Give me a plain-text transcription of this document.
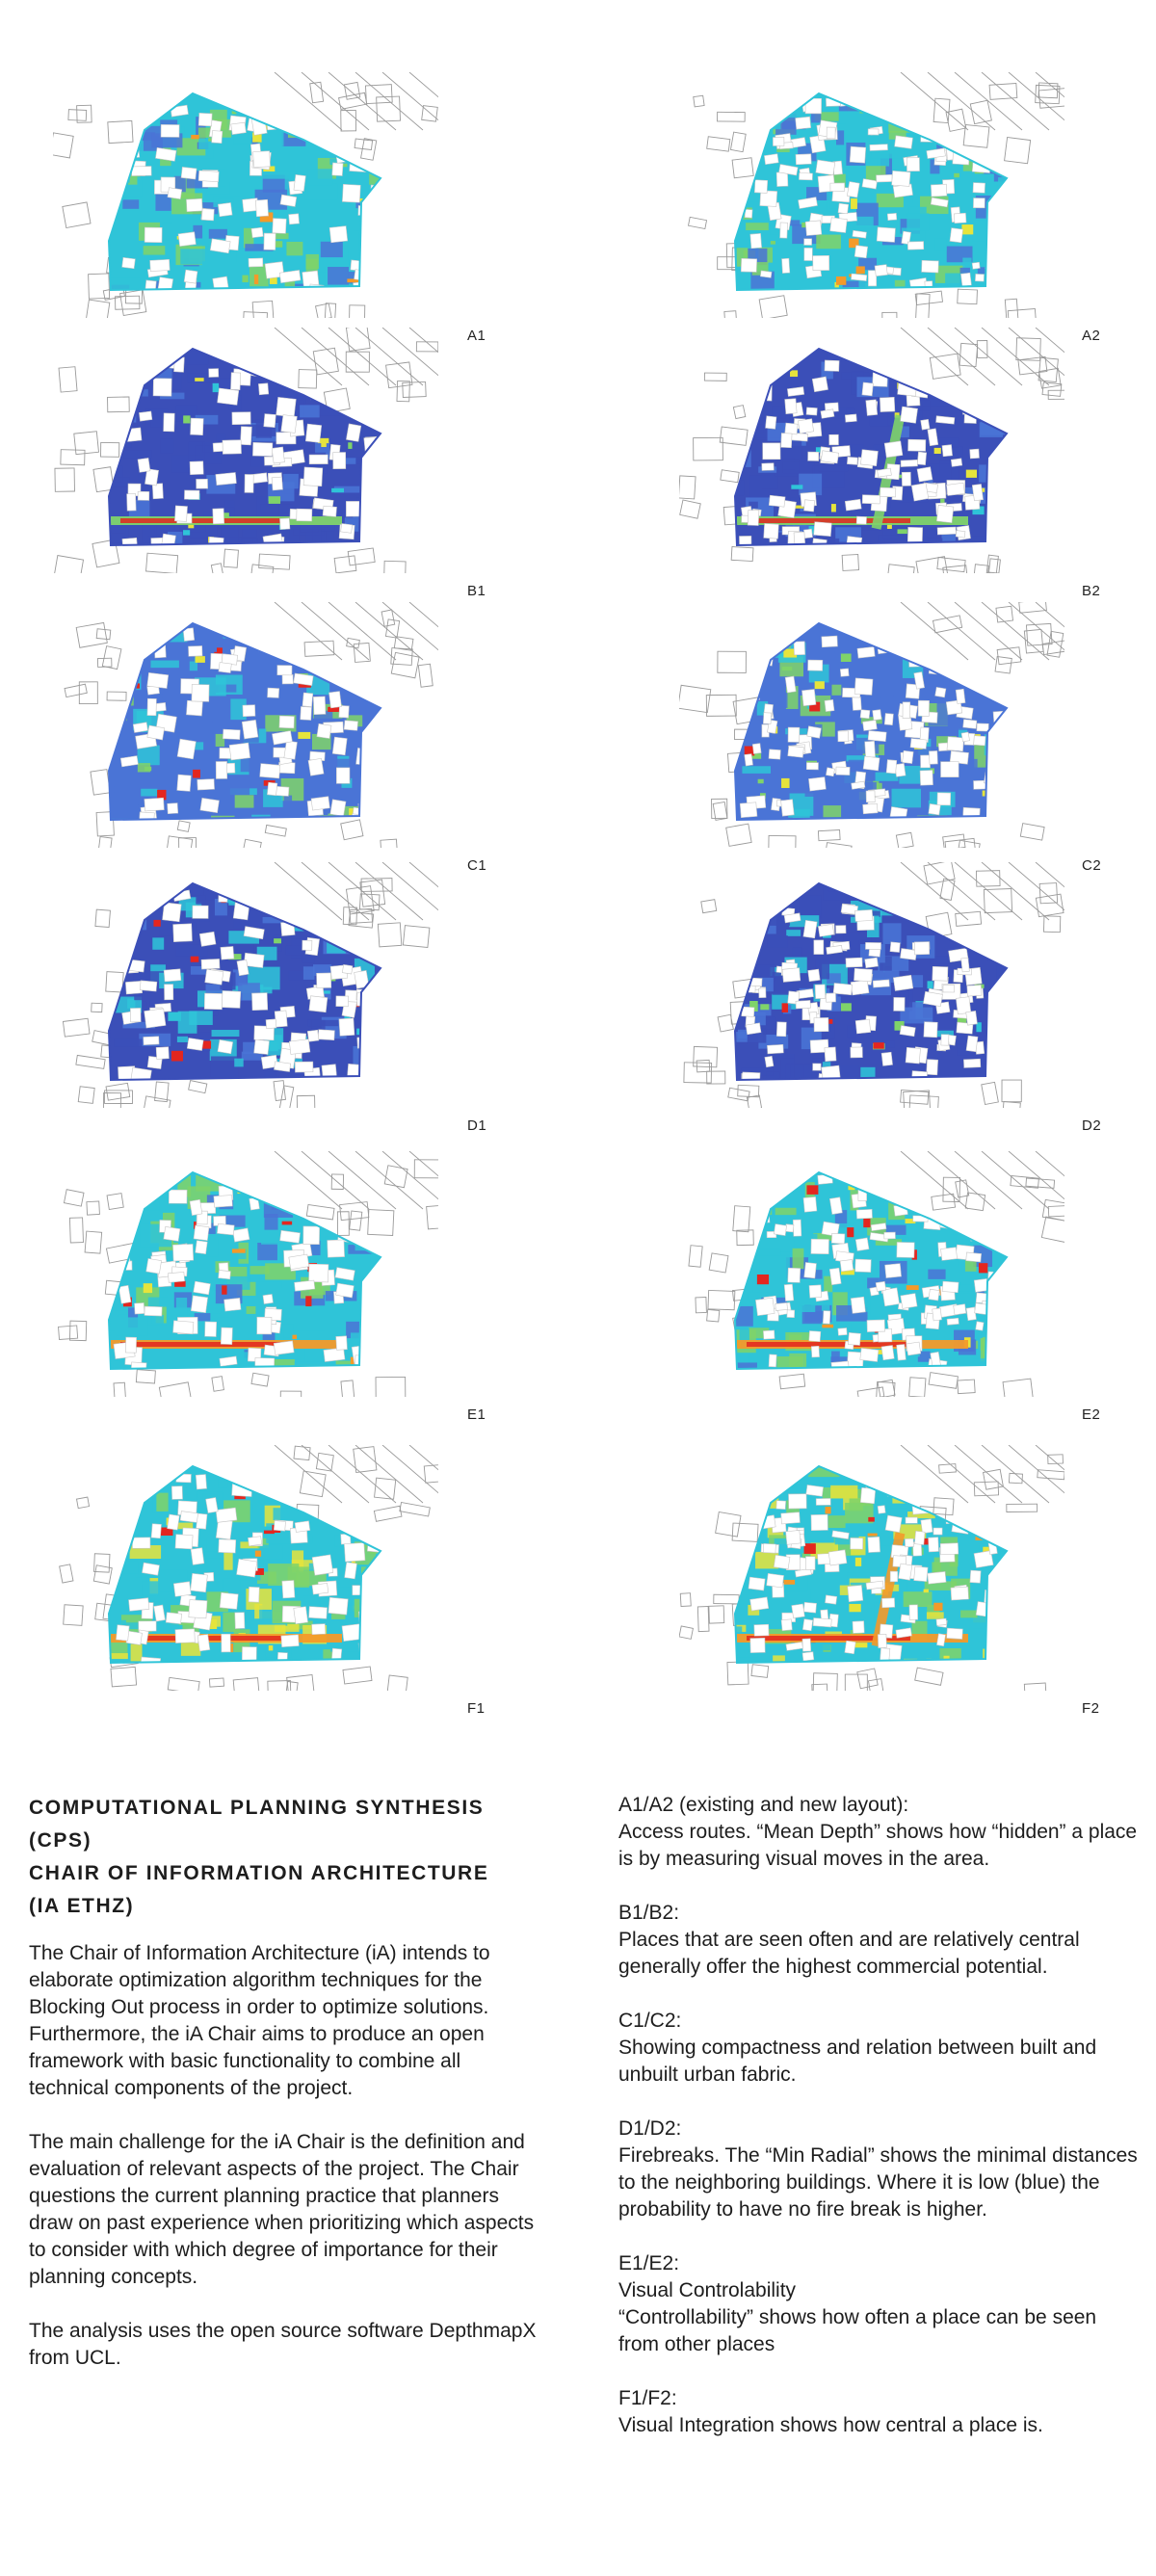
A1	A2
B1	B2
C1	C2
D1	D2
E1	E2
F1	F2

COMPUTATIONAL PLANNING SYNTHESIS

(CPS)

CHAIR OF INFORMATION ARCHITECTURE

(IA ETHZ)

The Chair of Information Architecture (iA) intends to elaborate optimization algorithm techniques for the Blocking Out process in order to optimize solutions. Furthermore, the iA Chair aims to produce an open framework with basic functionality to combine all technical components of the project.

The main challenge for the iA Chair is the definition and evaluation of relevant aspects of the project. The Chair questions the current planning practice that planners draw on past experience when prioritizing which aspects to consider with which degree of importance for their planning concepts.

The analysis uses the open source software DepthmapX from UCL.

A1/A2 (existing and new layout):
Access routes. “Mean Depth” shows how “hidden” a place is by measuring visual moves in the area.
B1/B2:
Places that are seen often and are relatively central generally offer the highest commercial potential.
C1/C2:
Showing compactness and relation between built and unbuilt urban fabric.
D1/D2:
Firebreaks. The “Min Radial” shows the minimal distances to the neighboring buildings. Where it is low (blue) the probability to have no fire break is higher.
E1/E2:
Visual Controlability
“Controllability” shows how often a place can be seen from other places
F1/F2:
Visual Integration shows how central a place is.
